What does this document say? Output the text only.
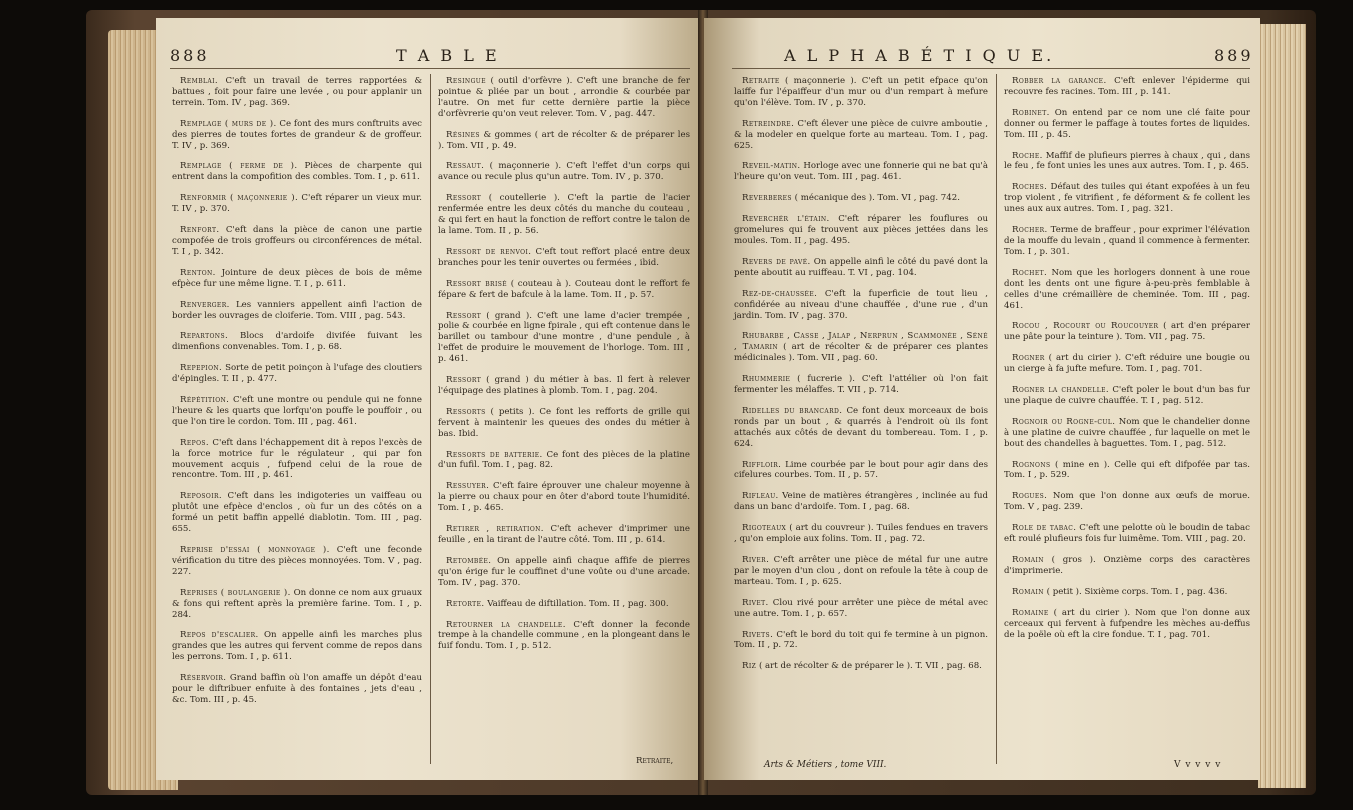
888	T A B L E

Remblai. C'eft un travail de terres rapportées & battues , foit pour faire une levée , ou pour applanir un terrein. Tom. IV , pag. 369.

Remplage ( murs de ). Ce font des murs conftruits avec des pierres de toutes fortes de grandeur & de groffeur. T. IV , p. 369.

Remplage ( ferme de ). Pièces de charpente qui entrent dans la compofition des combles. Tom. I , p. 611.

Renformir ( maçonnerie ). C'eft réparer un vieux mur. T. IV , p. 370.

Renfort. C'eft dans la pièce de canon une partie compofée de trois groffeurs ou circonférences de métal. T. I , p. 342.

Renton. Jointure de deux pièces de bois de même efpèce fur une même ligne. T. I , p. 611.

Renverger. Les vanniers appellent ainfi l'action de border les ouvrages de cloiferie. Tom. VIII , pag. 543.

Repartons. Blocs d'ardoife divifée fuivant les dimenfions convenables. Tom. I , p. 68.

Repepion. Sorte de petit poinçon à l'ufage des cloutiers d'épingles. T. II , p. 477.

Répétition. C'eft une montre ou pendule qui ne fonne l'heure & les quarts que lorfqu'on pouffe le pouffoir , ou que l'on tire le cordon. Tom. III , pag. 461.

Repos. C'eft dans l'échappement dit à repos l'excès de la force motrice fur le régulateur , qui par fon mouvement acquis , fufpend celui de la roue de rencontre. Tom. III , p. 461.

Reposoir. C'eft dans les indigoteries un vaiffeau ou plutôt une efpèce d'enclos , où fur un des côtés on a formé un petit baffin appellé diablotin. Tom. III , pag. 655.

Reprise d'essai ( monnoyage ). C'eft une feconde vérification du titre des pièces monnoyées. Tom. V , pag. 227.

Reprises ( boulangerie ). On donne ce nom aux gruaux & fons qui reftent après la première farine. Tom. I , p. 284.

Repos d'escalier. On appelle ainfi les marches plus grandes que les autres qui fervent comme de repos dans les perrons. Tom. I , p. 611.

Réservoir. Grand baffin où l'on amaffe un dépôt d'eau pour le diftribuer enfuite à des fontaines , jets d'eau , &c. Tom. III , p. 45.

Resingue ( outil d'orfèvre ). C'eft une branche de fer pointue & pliée par un bout , arrondie & courbée par l'autre. On met fur cette dernière partie la pièce d'orfèvrerie qu'on veut relever. Tom. V , pag. 447.

Résines & gommes ( art de récolter & de préparer les ). Tom. VII , p. 49.

Ressaut. ( maçonnerie ). C'eft l'effet d'un corps qui avance ou recule plus qu'un autre. Tom. IV , p. 370.

Ressort ( coutellerie ). C'eft la partie de l'acier renfermée entre les deux côtés du manche du couteau , & qui fert en haut la fonction de reffort contre le talon de la lame. Tom. II , p. 56.

Ressort de renvoi. C'eft tout reffort placé entre deux branches pour les tenir ouvertes ou fermées , ibid.

Ressort brisé ( couteau à ). Couteau dont le reffort fe fépare & fert de bafcule à la lame. Tom. II , p. 57.

Ressort ( grand ). C'eft une lame d'acier trempée , polie & courbée en ligne fpirale , qui eft contenue dans le barillet ou tambour d'une montre , d'une pendule , à l'effet de produire le mouvement de l'horloge. Tom. III , p. 461.

Ressort ( grand ) du métier à bas. Il fert à relever l'équipage des platines à plomb. Tom. I , pag. 204.

Ressorts ( petits ). Ce font les refforts de grille qui fervent à maintenir les queues des ondes du métier à bas. Ibid.

Ressorts de batterie. Ce font des pièces de la platine d'un fufil. Tom. I , pag. 82.

Ressuyer. C'eft faire éprouver une chaleur moyenne à la pierre ou chaux pour en ôter d'abord toute l'humidité. Tom. I , p. 465.

Retirer , retiration. C'eft achever d'imprimer une feuille , en la tirant de l'autre côté. Tom. III , p. 614.

Retombée. On appelle ainfi chaque affife de pierres qu'on érige fur le couffinet d'une voûte ou d'une arcade. Tom. IV , pag. 370.

Retorte. Vaiffeau de diftillation. Tom. II , pag. 300.

Retourner la chandelle. C'eft donner la feconde trempe à la chandelle commune , en la plongeant dans le fuif fondu. Tom. I , p. 512.

Retraite,
A L P H A B É T I Q U E.	889

Retraite ( maçonnerie ). C'eft un petit efpace qu'on laiffe fur l'épaiffeur d'un mur ou d'un rempart à mefure qu'on l'élève. Tom. IV , p. 370.

Retreindre. C'eft élever une pièce de cuivre amboutie , & la modeler en quelque forte au marteau. Tom. I , pag. 625.

Reveil-matin. Horloge avec une fonnerie qui ne bat qu'à l'heure qu'on veut. Tom. III , pag. 461.

Reverberes ( mécanique des ). Tom. VI , pag. 742.

Reverchér l'étain. C'eft réparer les fouflures ou gromelures qui fe trouvent aux pièces jettées dans les moules. Tom. II , pag. 495.

Revers de pavé. On appelle ainfi le côté du pavé dont la pente aboutit au ruiffeau. T. VI , pag. 104.

Rez-de-chaussée. C'eft la fuperficie de tout lieu , confidérée au niveau d'une chauffée , d'une rue , d'un jardin. Tom. IV , pag. 370.

Rhubarbe , Casse , Jalap , Nerprun , Scammonée , Séné , Tamarin ( art de récolter & de préparer ces plantes médicinales ). Tom. VII , pag. 60.

Rhummerie ( fucrerie ). C'eft l'attélier où l'on fait fermenter les mélaffes. T. VII , p. 714.

Ridelles du brancard. Ce font deux morceaux de bois ronds par un bout , & quarrés à l'endroit où ils font attachés aux côtés de devant du tombereau. Tom. I , p. 624.

Riffloir. Lime courbée par le bout pour agir dans des cifelures courbes. Tom. II , p. 57.

Rifleau. Veine de matières étrangères , inclinée au fud dans un banc d'ardoife. Tom. I , pag. 68.

Rigoteaux ( art du couvreur ). Tuiles fendues en travers , qu'on emploie aux folins. Tom. II , pag. 72.

River. C'eft arrêter une pièce de métal fur une autre par le moyen d'un clou , dont on refoule la tête à coup de marteau. Tom. I , p. 625.

Rivet. Clou rivé pour arrêter une pièce de métal avec une autre. Tom. I , p. 657.

Rivets. C'eft le bord du toit qui fe termine à un pignon. Tom. II , p. 72.

Riz ( art de récolter & de préparer le ). T. VII , pag. 68.

Robber la garance. C'eft enlever l'épiderme qui recouvre fes racines. Tom. III , p. 141.

Robinet. On entend par ce nom une clé faite pour donner ou fermer le paffage à toutes fortes de liquides. Tom. III , p. 45.

Roche. Maffif de plufieurs pierres à chaux , qui , dans le feu , fe font unies les unes aux autres. Tom. I , p. 465.

Roches. Défaut des tuiles qui étant expofées à un feu trop violent , fe vitrifient , fe déforment & fe collent les unes aux aux autres. Tom. I , pag. 321.

Rocher. Terme de braffeur , pour exprimer l'élévation de la mouffe du levain , quand il commence à fermenter. Tom. I , p. 301.

Rochet. Nom que les horlogers donnent à une roue dont les dents ont une figure à-peu-près femblable à celles d'une crémaillère de cheminée. Tom. III , pag. 461.

Rocou , Rocourt ou Roucouyer ( art d'en préparer une pâte pour la teinture ). Tom. VII , pag. 75.

Rogner ( art du cirier ). C'eft réduire une bougie ou un cierge à fa jufte mefure. Tom. I , pag. 701.

Rogner la chandelle. C'eft poler le bout d'un bas fur une plaque de cuivre chauffée. T. I , pag. 512.

Rognoir ou Rogne-cul. Nom que le chandelier donne à une platine de cuivre chauffée , fur laquelle on met le bout des chandelles à baguettes. Tom. I , pag. 512.

Rognons ( mine en ). Celle qui eft difpofée par tas. Tom. I , p. 529.

Rogues. Nom que l'on donne aux œufs de morue. Tom. V , pag. 239.

Role de tabac. C'eft une pelotte où le boudin de tabac eft roulé plufieurs fois fur luimême. Tom. VIII , pag. 20.

Romain ( gros ). Onzième corps des caractères d'imprimerie.

Romain ( petit ). Sixième corps. Tom. I , pag. 436.

Romaine ( art du cirier ). Nom que l'on donne aux cerceaux qui fervent à fufpendre les mèches au-deffus de la poële où eft la cire fondue. T. I , pag. 701.

Arts & Métiers , tome VIII.	V v v v v
